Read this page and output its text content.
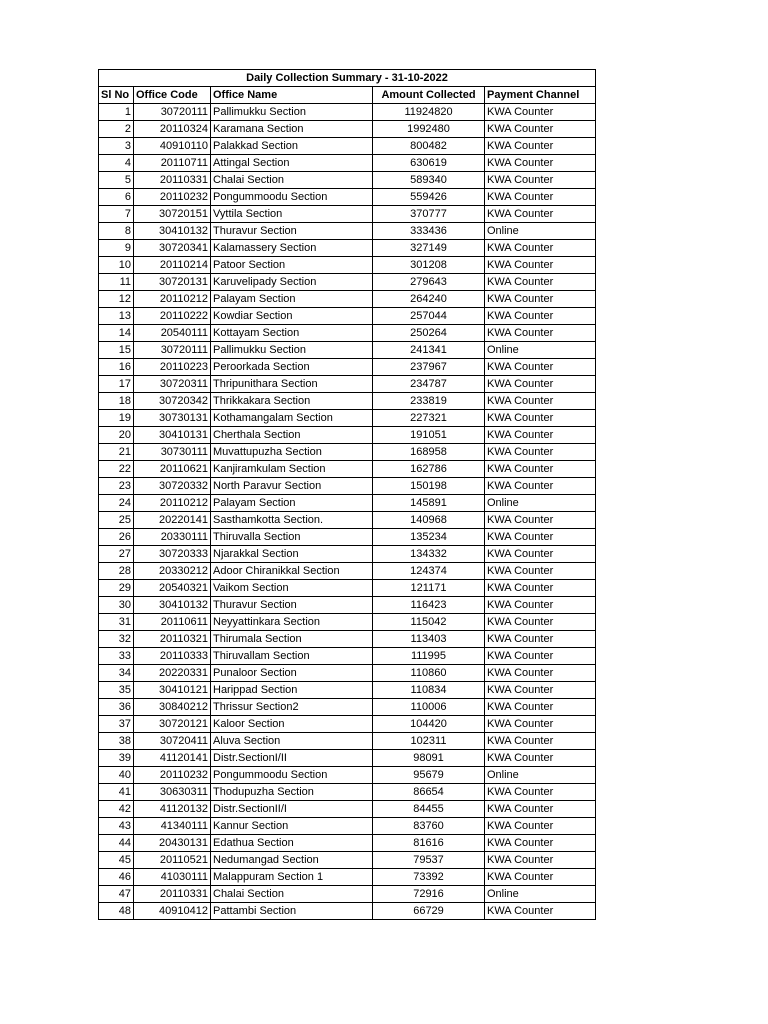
Daily Collection Summary - 31-10-2022				
Sl No	Office Code	Office Name	Amount Collected	Payment Channel
1	30720111	Pallimukku Section	11924820	KWA Counter
2	20110324	Karamana Section	1992480	KWA Counter
3	40910110	Palakkad Section	800482	KWA Counter
4	20110711	Attingal Section	630619	KWA Counter
5	20110331	Chalai Section	589340	KWA Counter
6	20110232	Pongummoodu Section	559426	KWA Counter
7	30720151	Vyttila Section	370777	KWA Counter
8	30410132	Thuravur Section	333436	Online
9	30720341	Kalamassery Section	327149	KWA Counter
10	20110214	Patoor Section	301208	KWA Counter
11	30720131	Karuvelipady Section	279643	KWA Counter
12	20110212	Palayam Section	264240	KWA Counter
13	20110222	Kowdiar Section	257044	KWA Counter
14	20540111	Kottayam Section	250264	KWA Counter
15	30720111	Pallimukku Section	241341	Online
16	20110223	Peroorkada Section	237967	KWA Counter
17	30720311	Thripunithara Section	234787	KWA Counter
18	30720342	Thrikkakara Section	233819	KWA Counter
19	30730131	Kothamangalam Section	227321	KWA Counter
20	30410131	Cherthala Section	191051	KWA Counter
21	30730111	Muvattupuzha Section	168958	KWA Counter
22	20110621	Kanjiramkulam Section	162786	KWA Counter
23	30720332	North Paravur Section	150198	KWA Counter
24	20110212	Palayam Section	145891	Online
25	20220141	Sasthamkotta Section.	140968	KWA Counter
26	20330111	Thiruvalla Section	135234	KWA Counter
27	30720333	Njarakkal Section	134332	KWA Counter
28	20330212	Adoor Chiranikkal Section	124374	KWA Counter
29	20540321	Vaikom Section	121171	KWA Counter
30	30410132	Thuravur Section	116423	KWA Counter
31	20110611	Neyyattinkara Section	115042	KWA Counter
32	20110321	Thirumala Section	113403	KWA Counter
33	20110333	Thiruvallam Section	111995	KWA Counter
34	20220331	Punaloor Section	110860	KWA Counter
35	30410121	Harippad Section	110834	KWA Counter
36	30840212	Thrissur Section2	110006	KWA Counter
37	30720121	Kaloor Section	104420	KWA Counter
38	30720411	Aluva Section	102311	KWA Counter
39	41120141	Distr.SectionI/II	98091	KWA Counter
40	20110232	Pongummoodu Section	95679	Online
41	30630311	Thodupuzha Section	86654	KWA Counter
42	41120132	Distr.SectionII/I	84455	KWA Counter
43	41340111	Kannur Section	83760	KWA Counter
44	20430131	Edathua Section	81616	KWA Counter
45	20110521	Nedumangad Section	79537	KWA Counter
46	41030111	Malappuram Section 1	73392	KWA Counter
47	20110331	Chalai Section	72916	Online
48	40910412	Pattambi Section	66729	KWA Counter
